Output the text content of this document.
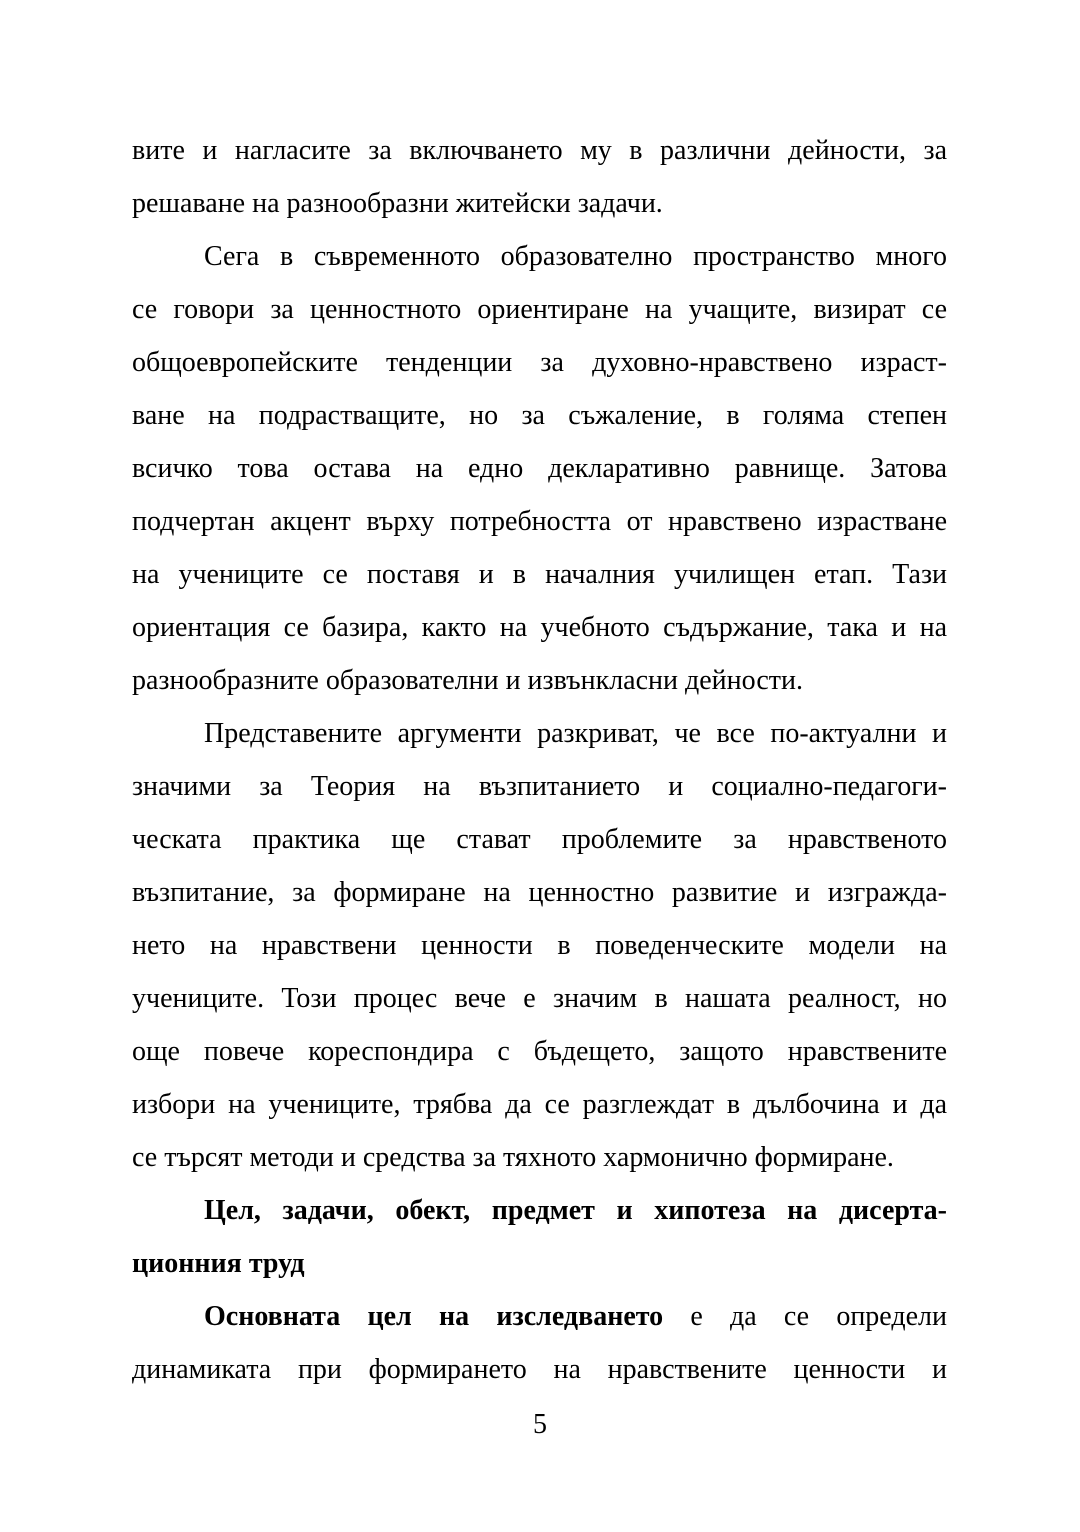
вите и нагласите за включването му в различни дейности, за
решаване на разнообразни житейски задачи.
Сега в съвременното образователно пространство много
се говори за ценностното ориентиране на учащите, визират се
общоевропейските тенденции за духовно-нравствено израст-
ване на подрастващите, но за съжаление, в голяма степен
всичко това остава на едно декларативно равнище. Затова
подчертан акцент върху потребността от нравствено израстване
на учениците се поставя и в началния училищен етап. Тази
ориентация се базира, както на учебното съдържание, така и на
разнообразните образователни и извънкласни дейности.
Представените аргументи разкриват, че все по-актуални и
значими за Теория на възпитанието и социално-педагоги-
ческата практика ще стават проблемите за нравственото
възпитание, за формиране на ценностно развитие и изгражда-
нето на нравствени ценности в поведенческите модели на
учениците. Този процес вече е значим в нашата реалност, но
още повече кореспондира с бъдещето, защото нравствените
избори на учениците, трябва да се разглеждат в дълбочина и да
се търсят методи и средства за тяхното хармонично формиране.
Цел, задачи, обект, предмет и хипотеза на дисерта-
ционния труд
Основната цел на изследването е да се определи
динамиката при формирането на нравствените ценности и
5
